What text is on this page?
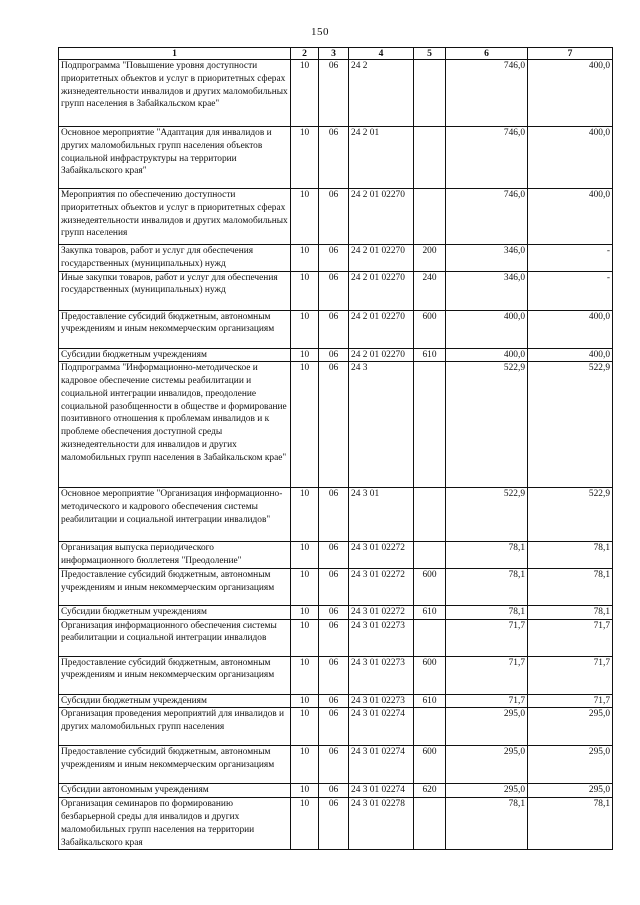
150
1	2	3	4	5	6	7
Подпрограмма "Повышение уровня доступности приоритетных объектов и услуг в приоритетных сферах жизнедеятельности инвалидов и других маломобильных групп населения в Забайкальском крае"	10	06	24 2		746,0	400,0
Основное мероприятие "Адаптация для инвалидов и других маломобильных групп населения объектов социальной инфраструктуры на территории Забайкальского края"	10	06	24 2 01		746,0	400,0
Мероприятия по обеспечению доступности приоритетных объектов и услуг в приоритетных сферах жизнедеятельности инвалидов и других маломобильных групп населения	10	06	24 2 01 02270		746,0	400,0
Закупка товаров, работ и услуг для обеспечения государственных (муниципальных) нужд	10	06	24 2 01 02270	200	346,0	-
Иные закупки товаров, работ и услуг для обеспечения государственных (муниципальных) нужд	10	06	24 2 01 02270	240	346,0	-
Предоставление субсидий бюджетным, автономным учреждениям и иным некоммерческим организациям	10	06	24 2 01 02270	600	400,0	400,0
Субсидии бюджетным учреждениям	10	06	24 2 01 02270	610	400,0	400,0
Подпрограмма "Информационно-методическое и кадровое обеспечение системы реабилитации и социальной интеграции инвалидов, преодоление социальной разобщенности в обществе и формирование позитивного отношения к проблемам инвалидов и к проблеме обеспечения доступной среды жизнедеятельности для инвалидов и других маломобильных групп населения в Забайкальском крае"	10	06	24 3		522,9	522,9
Основное мероприятие "Организация информационно-методического и кадрового обеспечения системы реабилитации и социальной интеграции инвалидов"	10	06	24 3 01		522,9	522,9
Организация выпуска периодического информационного бюллетеня "Преодоление"	10	06	24 3 01 02272		78,1	78,1
Предоставление субсидий бюджетным, автономным учреждениям и иным некоммерческим организациям	10	06	24 3 01 02272	600	78,1	78,1
Субсидии бюджетным учреждениям	10	06	24 3 01 02272	610	78,1	78,1
Организация информационного обеспечения системы реабилитации и социальной интеграции инвалидов	10	06	24 3 01 02273		71,7	71,7
Предоставление субсидий бюджетным, автономным учреждениям и иным некоммерческим организациям	10	06	24 3 01 02273	600	71,7	71,7
Субсидии бюджетным учреждениям	10	06	24 3 01 02273	610	71,7	71,7
Организация проведения мероприятий для инвалидов и других маломобильных групп населения	10	06	24 3 01 02274		295,0	295,0
Предоставление субсидий бюджетным, автономным учреждениям и иным некоммерческим организациям	10	06	24 3 01 02274	600	295,0	295,0
Субсидии автономным учреждениям	10	06	24 3 01 02274	620	295,0	295,0
Организация семинаров по формированию безбарьерной среды для инвалидов и других маломобильных групп населения на территории Забайкальского края	10	06	24 3 01 02278		78,1	78,1
